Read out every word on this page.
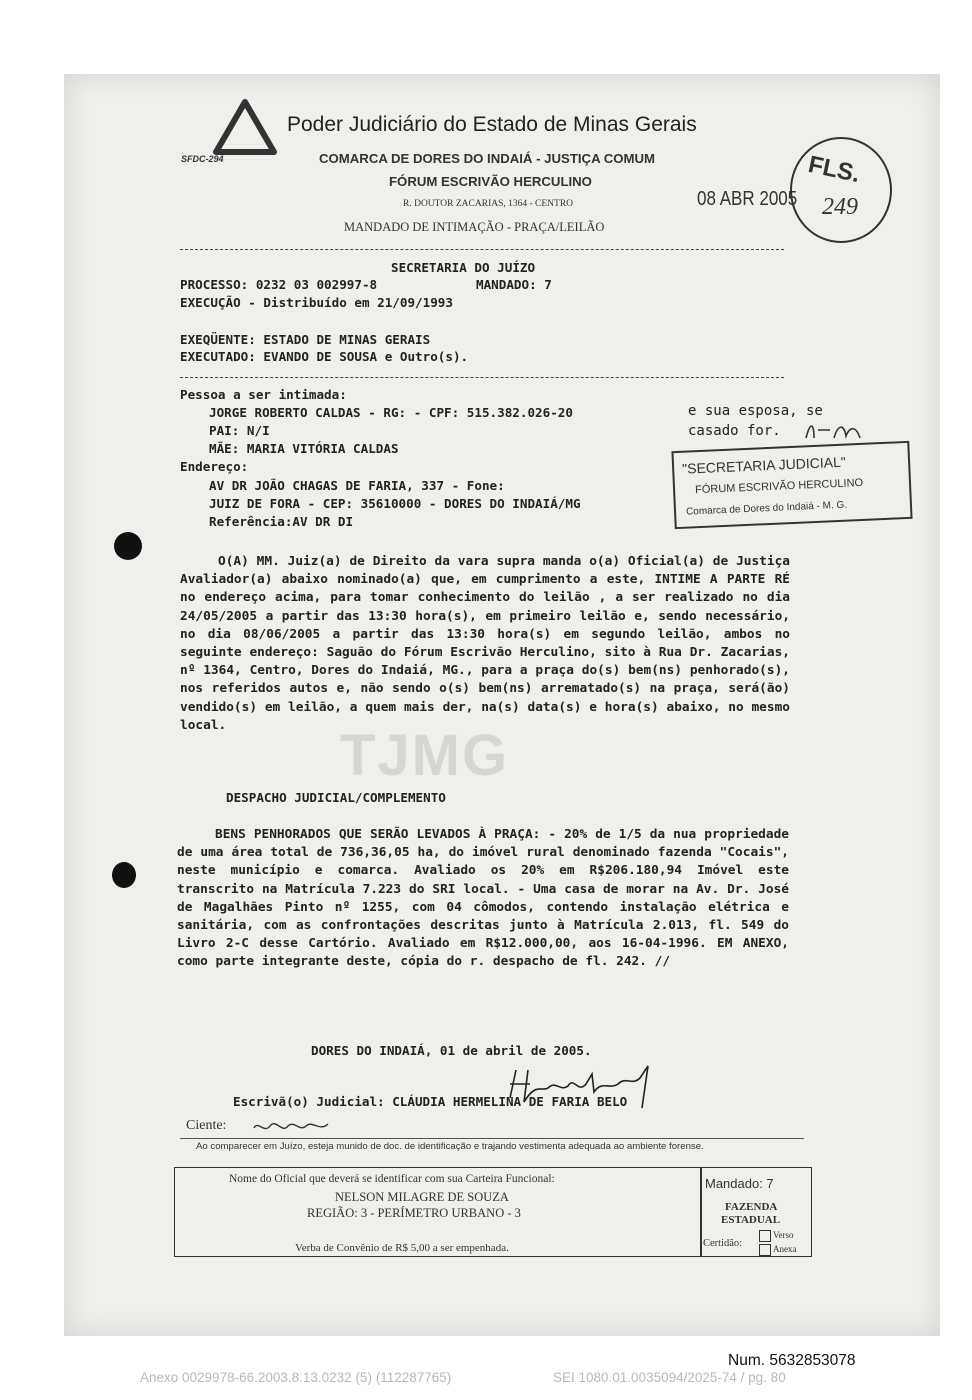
TJMG
Poder Judiciário do Estado de Minas Gerais
SFDC-294	COMARCA DE DORES DO INDAIÁ - JUSTIÇA COMUM
FÓRUM ESCRIVÃO HERCULINO
R. DOUTOR ZACARIAS, 1364 - CENTRO
MANDADO DE INTIMAÇÃO - PRAÇA/LEILÃO
08 ABR 2005
FLS.
249
SECRETARIA DO JUÍZO
PROCESSO: 0232 03 002997-8	MANDADO: 7
EXECUÇÃO - Distribuído em 21/09/1993
EXEQÜENTE: ESTADO DE MINAS GERAIS
EXECUTADO: EVANDO DE SOUSA e Outro(s).
Pessoa a ser intimada:
JORGE ROBERTO CALDAS - RG: - CPF: 515.382.026-20
PAI: N/I
MÃE: MARIA VITÓRIA CALDAS
Endereço:
AV DR JOÃO CHAGAS DE FARIA, 337 - Fone:
JUIZ DE FORA - CEP: 35610000 - DORES DO INDAIÁ/MG
Referência:AV DR DI
e sua esposa, se
casado for.
"SECRETARIA JUDICIAL"
FÓRUM ESCRIVÃO HERCULINO
Comarca de Dores do Indaiá - M. G.
O(A) MM. Juiz(a) de Direito da vara supra manda o(a) Oficial(a) de Justiça Avaliador(a) abaixo nominado(a) que, em cumprimento a este, INTIME A PARTE RÉ no endereço acima, para tomar conhecimento do leilão , a ser realizado no dia 24/05/2005 a partir das 13:30 hora(s), em primeiro leilão e, sendo necessário, no dia 08/06/2005 a partir das 13:30 hora(s) em segundo leilão, ambos no seguinte endereço: Saguão do Fórum Escrivão Herculino, sito à Rua Dr. Zacarias, nº 1364, Centro, Dores do Indaiá, MG., para a praça do(s) bem(ns) penhorado(s), nos referidos autos e, não sendo o(s) bem(ns) arrematado(s) na praça, será(ão) vendido(s) em leilão, a quem mais der, na(s) data(s) e hora(s) abaixo, no mesmo local.
DESPACHO JUDICIAL/COMPLEMENTO
BENS PENHORADOS QUE SERÃO LEVADOS À PRAÇA: - 20% de 1/5 da nua propriedade de uma área total de 736,36,05 ha, do imóvel rural denominado fazenda "Cocais", neste município e comarca. Avaliado os 20% em R$206.180,94 Imóvel este transcrito na Matrícula 7.223 do SRI local. - Uma casa de morar na Av. Dr. José de Magalhães Pinto nº 1255, com 04 cômodos, contendo instalação elétrica e sanitária, com as confrontações descritas junto à Matrícula 2.013, fl. 549 do Livro 2-C desse Cartório. Avaliado em R$12.000,00, aos 16-04-1996. EM ANEXO, como parte integrante deste, cópia do r. despacho de fl. 242. //
DORES DO INDAIÁ, 01 de abril de 2005.
Escrivã(o) Judicial: CLÁUDIA HERMELINA DE FARIA BELO
Ciente:
Ao comparecer em Juízo, esteja munido de doc. de identificação e trajando vestimenta adequada ao ambiente forense.
Nome do Oficial que deverá se identificar com sua Carteira Funcional:
NELSON MILAGRE DE SOUZA
REGIÃO: 3 - PERÍMETRO URBANO - 3
Verba de Convênio de R$ 5,00 a ser empenhada.
Mandado: 7
FAZENDA
ESTADUAL
Certidão:
Verso
Anexa
Num. 5632853078
Anexo 0029978-66.2003.8.13.0232 (5) (112287765)	SEI 1080.01.0035094/2025-74 / pg. 80
